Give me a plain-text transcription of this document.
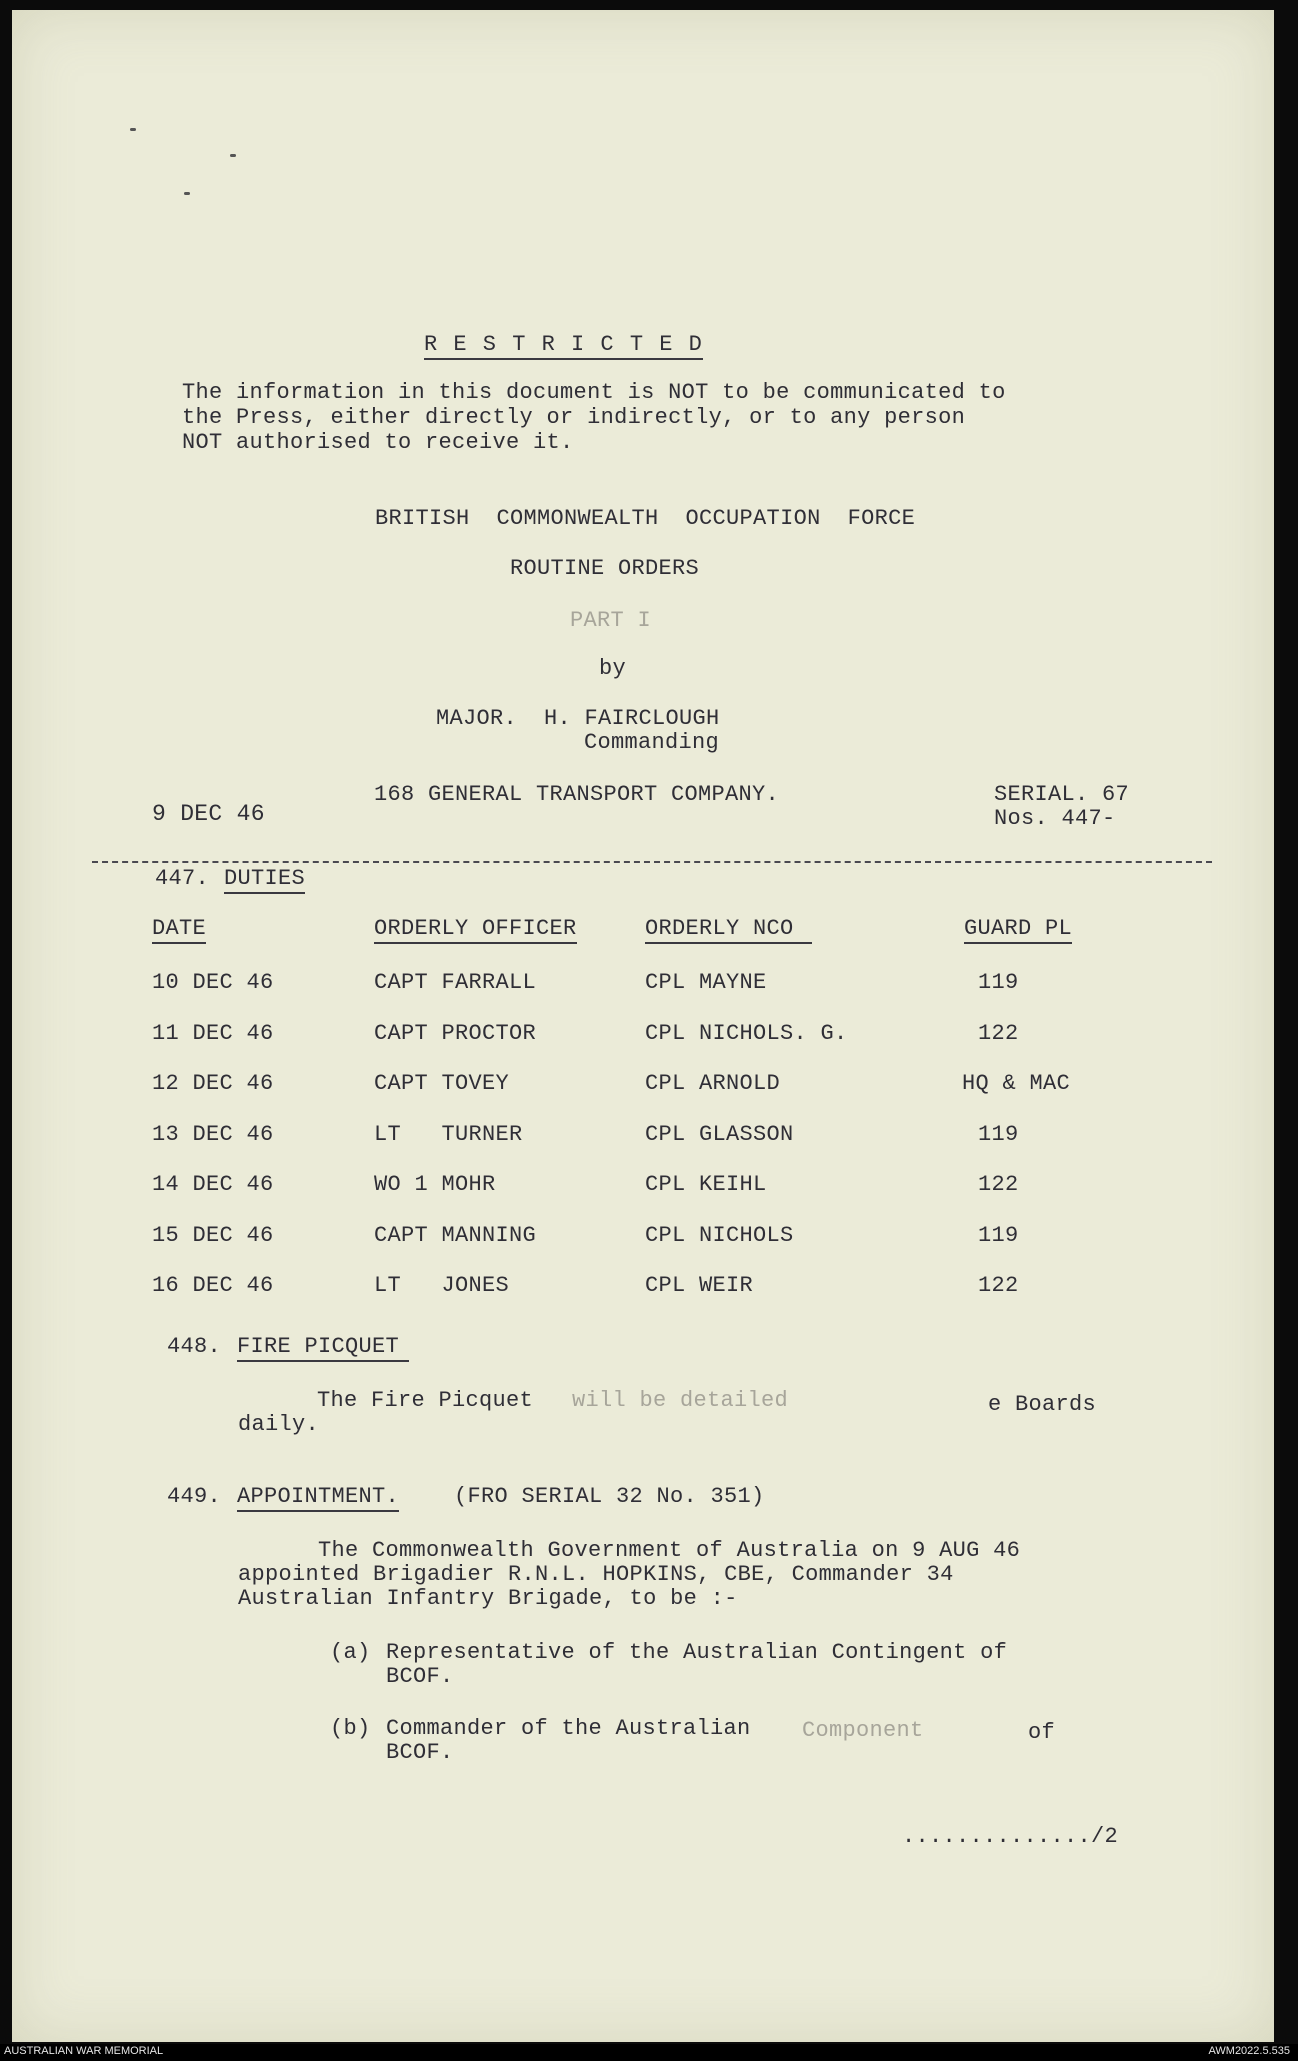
R E S T R I C T E D
The information in this document is NOT to be communicated to
the Press, either directly or indirectly, or to any person
NOT authorised to receive it.
BRITISH  COMMONWEALTH  OCCUPATION  FORCE
ROUTINE ORDERS
PART I
by
MAJOR.  H. FAIRCLOUGH
Commanding
168 GENERAL TRANSPORT COMPANY.
9 DEC 46
SERIAL. 67
Nos. 447-
447. DUTIES
DATE	ORDERLY OFFICER	ORDERLY NCO	GUARD PL
10 DEC 46	CAPT FARRALL	CPL MAYNE	119
11 DEC 46	CAPT PROCTOR	CPL NICHOLS. G.	122
12 DEC 46	CAPT TOVEY	CPL ARNOLD	HQ & MAC
13 DEC 46	LT   TURNER	CPL GLASSON	119
14 DEC 46	WO 1 MOHR	CPL KEIHL	122
15 DEC 46	CAPT MANNING	CPL NICHOLS	119
16 DEC 46	LT   JONES	CPL WEIR	122
448. FIRE PICQUET
The Fire Picquet will be detailed	e Boards
daily.
449. APPOINTMENT. (FRO SERIAL 32 No. 351)
The Commonwealth Government of Australia on 9 AUG 46
appointed Brigadier R.N.L. HOPKINS, CBE, Commander 34
Australian Infantry Brigade, to be :-
(a) Representative of the Australian Contingent of
BCOF.
(b) Commander of the Australian Component	of
BCOF.
............../2
AUSTRALIAN WAR MEMORIAL	AWM2022.5.535
